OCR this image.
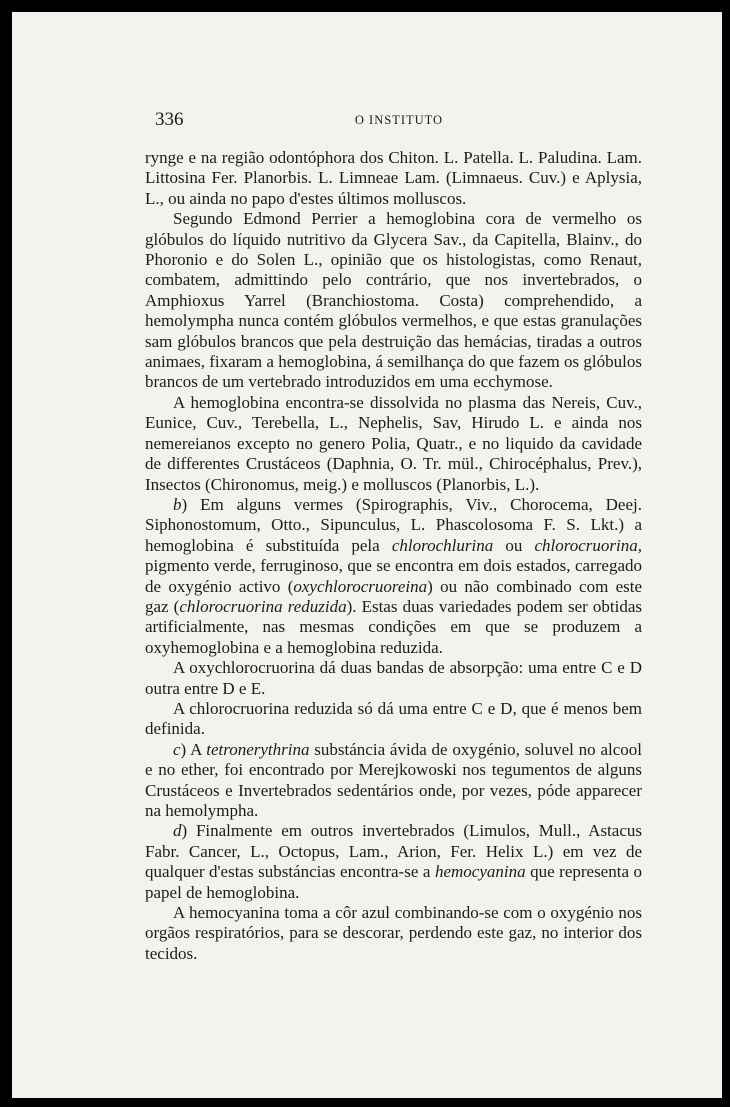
336	O INSTITUTO

rynge e na região odontóphora dos Chiton. L. Patella. L. Paludina. Lam. Littosina Fer. Planorbis. L. Limneae Lam. (Limnaeus. Cuv.) e Aplysia, L., ou ainda no papo d'estes últimos molluscos.

Segundo Edmond Perrier a hemoglobina cora de vermelho os glóbulos do líquido nutritivo da Glycera Sav., da Capitella, Blainv., do Phoronio e do Solen L., opinião que os histologistas, como Renaut, combatem, admittindo pelo contrário, que nos invertebrados, o Amphioxus Yarrel (Branchiostoma. Costa) comprehendido, a hemolympha nunca contém glóbulos vermelhos, e que estas granulações sam glóbulos brancos que pela destruição das hemácias, tiradas a outros animaes, fixaram a hemoglobina, á semilhança do que fazem os glóbulos brancos de um vertebrado introduzidos em uma ecchymose.

A hemoglobina encontra-se dissolvida no plasma das Nereis, Cuv., Eunice, Cuv., Terebella, L., Nephelis, Sav, Hirudo L. e ainda nos nemereianos excepto no genero Polia, Quatr., e no liquido da cavidade de differentes Crustáceos (Daphnia, O. Tr. mül., Chirocéphalus, Prev.), Insectos (Chironomus, meig.) e molluscos (Planorbis, L.).

b) Em alguns vermes (Spirographis, Viv., Chorocema, Deej. Siphonostomum, Otto., Sipunculus, L. Phascolosoma F. S. Lkt.) a hemoglobina é substituída pela chlorochlurina ou chlorocruorina, pigmento verde, ferruginoso, que se encontra em dois estados, carregado de oxygénio activo (oxychlorocruoreina) ou não combinado com este gaz (chlorocruorina reduzida). Estas duas variedades podem ser obtidas artificialmente, nas mesmas condições em que se produzem a oxyhemoglobina e a hemoglobina reduzida.

A oxychlorocruorina dá duas bandas de absorpção: uma entre C e D outra entre D e E.

A chlorocruorina reduzida só dá uma entre C e D, que é menos bem definida.

c) A tetronerythrina substáncia ávida de oxygénio, soluvel no alcool e no ether, foi encontrado por Merejkowoski nos tegumentos de alguns Crustáceos e Invertebrados sedentários onde, por vezes, póde apparecer na hemolympha.

d) Finalmente em outros invertebrados (Limulos, Mull., Astacus Fabr. Cancer, L., Octopus, Lam., Arion, Fer. Helix L.) em vez de qualquer d'estas substáncias encontra-se a hemocyanina que representa o papel de hemoglobina.

A hemocyanina toma a côr azul combinando-se com o oxygénio nos orgãos respiratórios, para se descorar, perdendo este gaz, no interior dos tecidos.
